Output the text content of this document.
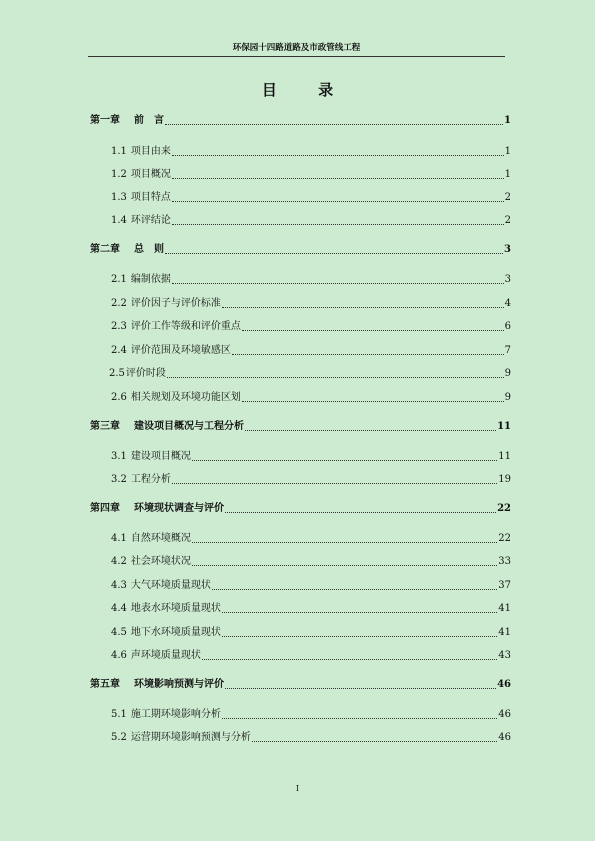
环保园十四路道路及市政管线工程
目 录
第一章 前　言	1
1.1 项目由来	1
1.2 项目概况	1
1.3 项目特点	2
1.4 环评结论	2
第二章 总　则	3
2.1 编制依据	3
2.2 评价因子与评价标准	4
2.3 评价工作等级和评价重点	6
2.4 评价范围及环境敏感区	7
2.5评价时段	9
2.6 相关规划及环境功能区划	9
第三章 建设项目概况与工程分析	11
3.1 建设项目概况	11
3.2 工程分析	19
第四章 环境现状调查与评价	22
4.1 自然环境概况	22
4.2 社会环境状况	33
4.3 大气环境质量现状	37
4.4 地表水环境质量现状	41
4.5 地下水环境质量现状	41
4.6 声环境质量现状	43
第五章 环境影响预测与评价	46
5.1 施工期环境影响分析	46
5.2 运营期环境影响预测与分析	46
I
